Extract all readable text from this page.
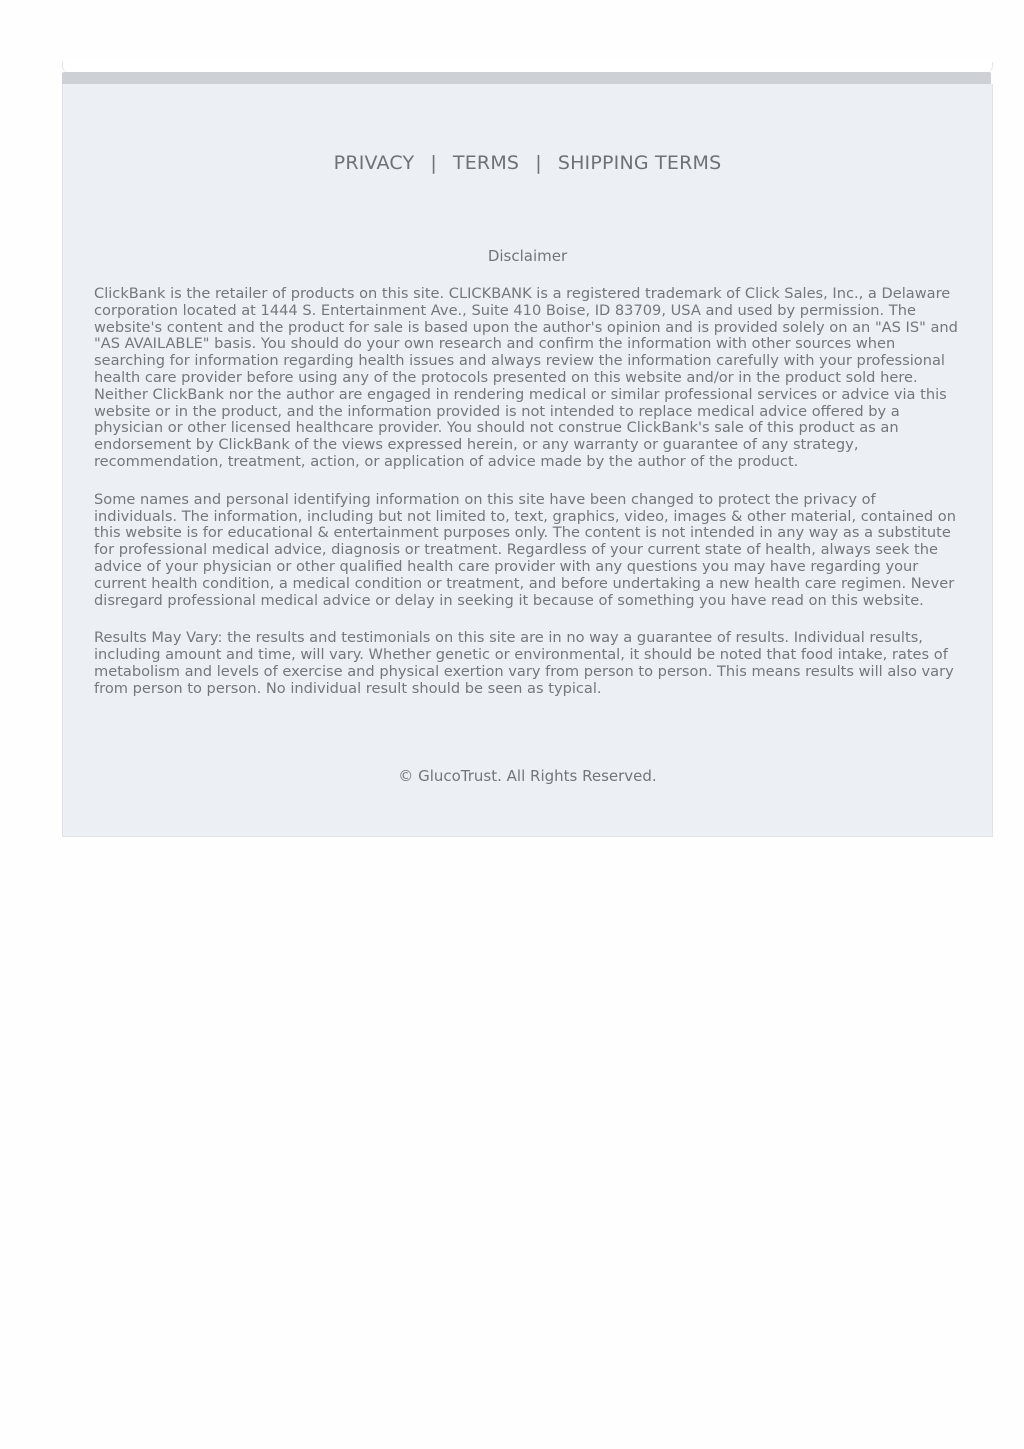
PRIVACY | TERMS | SHIPPING TERMS
Disclaimer

ClickBank is the retailer of products on this site. CLICKBANK is a registered trademark of Click Sales, Inc., a Delaware corporation located at 1444 S. Entertainment Ave., Suite 410 Boise, ID 83709, USA and used by permission. The website's content and the product for sale is based upon the author's opinion and is provided solely on an "AS IS" and "AS AVAILABLE" basis. You should do your own research and confirm the information with other sources when searching for information regarding health issues and always review the information carefully with your professional health care provider before using any of the protocols presented on this website and/or in the product sold here. Neither ClickBank nor the author are engaged in rendering medical or similar professional services or advice via this website or in the product, and the information provided is not intended to replace medical advice offered by a physician or other licensed healthcare provider. You should not construe ClickBank's sale of this product as an endorsement by ClickBank of the views expressed herein, or any warranty or guarantee of any strategy, recommendation, treatment, action, or application of advice made by the author of the product.

Some names and personal identifying information on this site have been changed to protect the privacy of individuals. The information, including but not limited to, text, graphics, video, images & other material, contained on this website is for educational & entertainment purposes only. The content is not intended in any way as a substitute for professional medical advice, diagnosis or treatment. Regardless of your current state of health, always seek the advice of your physician or other qualified health care provider with any questions you may have regarding your current health condition, a medical condition or treatment, and before undertaking a new health care regimen. Never disregard professional medical advice or delay in seeking it because of something you have read on this website.

Results May Vary: the results and testimonials on this site are in no way a guarantee of results. Individual results, including amount and time, will vary. Whether genetic or environmental, it should be noted that food intake, rates of metabolism and levels of exercise and physical exertion vary from person to person. This means results will also vary from person to person. No individual result should be seen as typical.

© GlucoTrust. All Rights Reserved.
